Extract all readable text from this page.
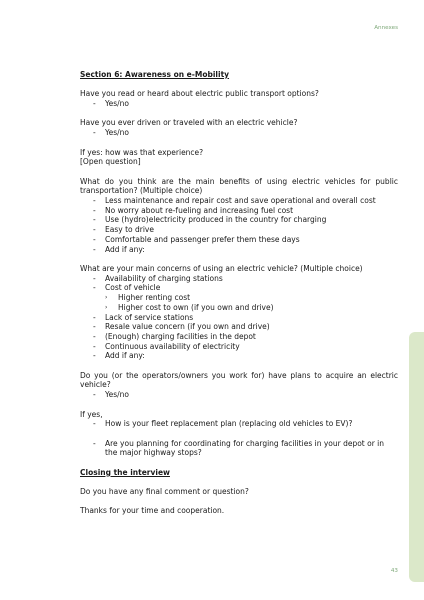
Annexes
Section 6: Awareness on e-Mobility
Have you read or heard about electric public transport options?
- Yes/no
Have you ever driven or traveled with an electric vehicle?
- Yes/no
If yes: how was that experience?
[Open question]
What do you think are the main benefits of using electric vehicles for public transportation? (Multiple choice)
- Less maintenance and repair cost and save operational and overall cost
- No worry about re-fueling and increasing fuel cost
- Use (hydro)electricity produced in the country for charging
- Easy to drive
- Comfortable and passenger prefer them these days
- Add if any:
What are your main concerns of using an electric vehicle? (Multiple choice)
- Availability of charging stations
- Cost of vehicle
› Higher renting cost
› Higher cost to own (if you own and drive)
- Lack of service stations
- Resale value concern (if you own and drive)
- (Enough) charging facilities in the depot
- Continuous availability of electricity
- Add if any:
Do you (or the operators/owners you work for) have plans to acquire an electric vehicle?
- Yes/no
If yes,
- How is your fleet replacement plan (replacing old vehicles to EV)?
- Are you planning for coordinating for charging facilities in your depot or in the major highway stops?
Closing the interview
Do you have any final comment or question?
Thanks for your time and cooperation.
43
